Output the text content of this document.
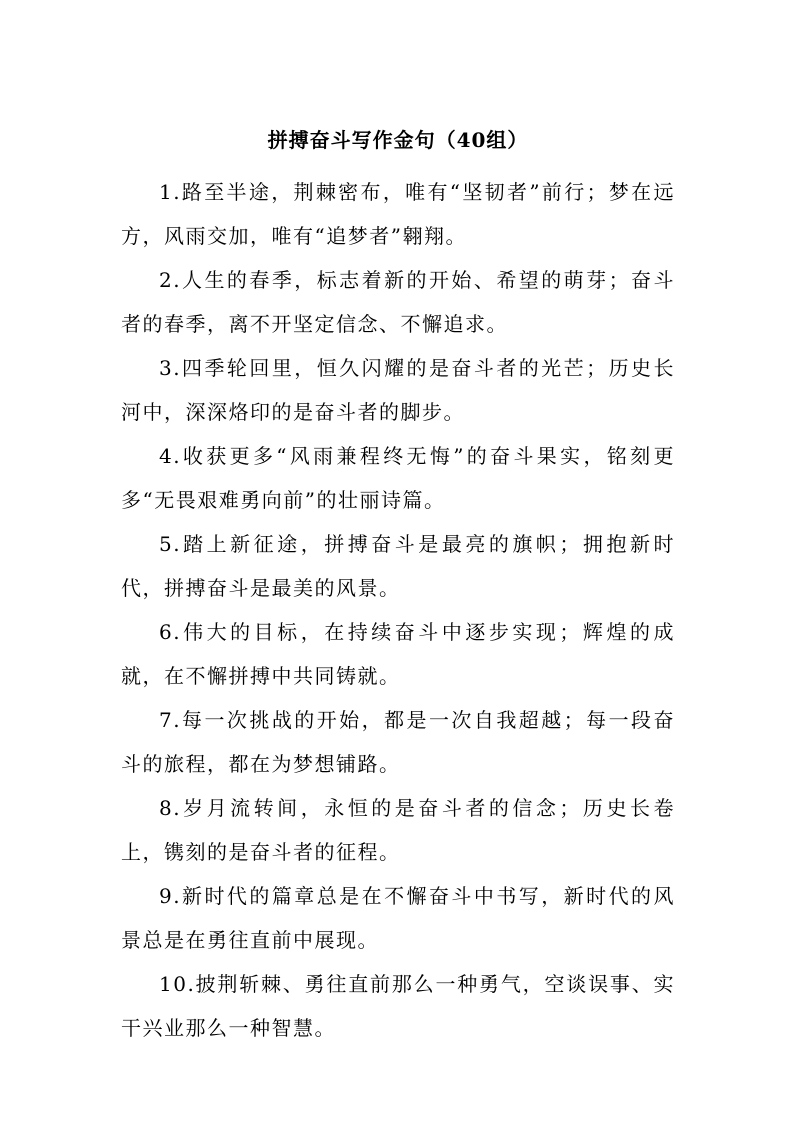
拼搏奋斗写作金句（40组）

1.路至半途，荆棘密布，唯有“坚韧者”前行；梦在远方，风雨交加，唯有“追梦者”翱翔。

2.人生的春季，标志着新的开始、希望的萌芽；奋斗者的春季，离不开坚定信念、不懈追求。

3.四季轮回里，恒久闪耀的是奋斗者的光芒；历史长河中，深深烙印的是奋斗者的脚步。

4.收获更多“风雨兼程终无悔”的奋斗果实，铭刻更多“无畏艰难勇向前”的壮丽诗篇。

5.踏上新征途，拼搏奋斗是最亮的旗帜；拥抱新时代，拼搏奋斗是最美的风景。

6.伟大的目标，在持续奋斗中逐步实现；辉煌的成就，在不懈拼搏中共同铸就。

7.每一次挑战的开始，都是一次自我超越；每一段奋斗的旅程，都在为梦想铺路。

8.岁月流转间，永恒的是奋斗者的信念；历史长卷上，镌刻的是奋斗者的征程。

9.新时代的篇章总是在不懈奋斗中书写，新时代的风景总是在勇往直前中展现。

10.披荆斩棘、勇往直前那么一种勇气，空谈误事、实干兴业那么一种智慧。
